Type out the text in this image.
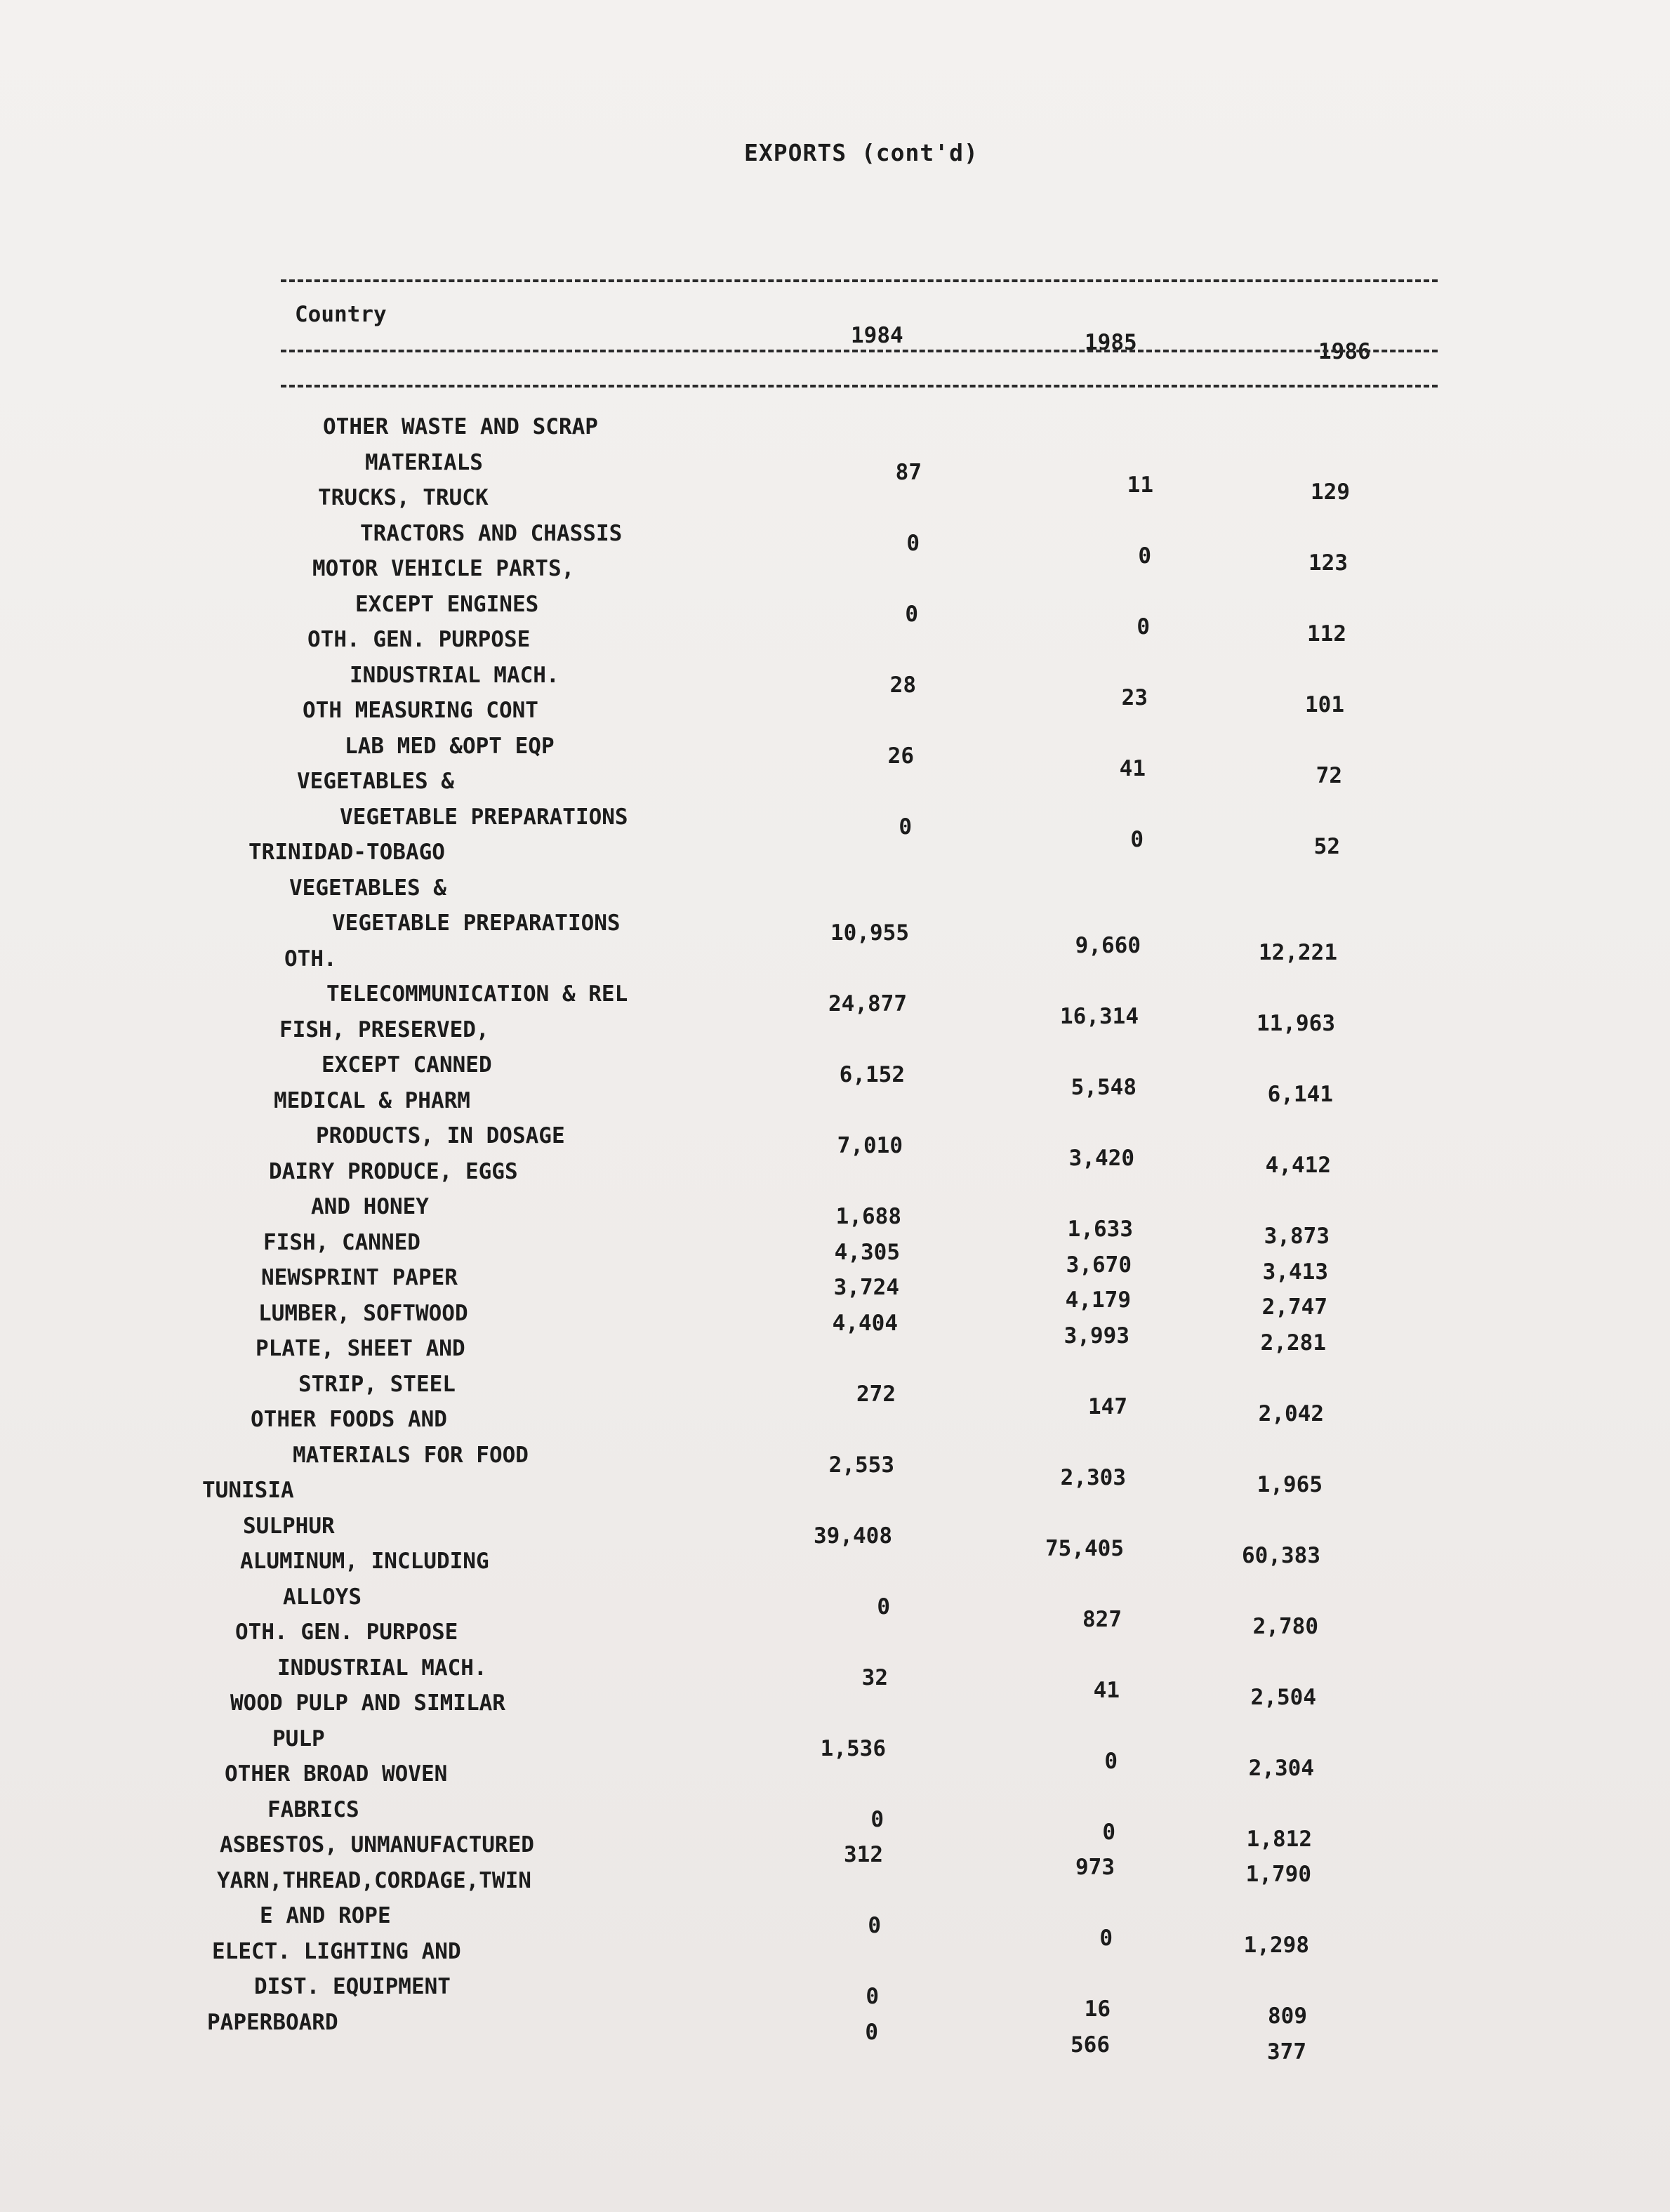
EXPORTS (cont'd)
Country
1984	1985	1986
OTHER WASTE AND SCRAP
MATERIALS	87	11	129
TRUCKS, TRUCK
TRACTORS AND CHASSIS	0	0	123
MOTOR VEHICLE PARTS,
EXCEPT ENGINES	0	0	112
OTH. GEN. PURPOSE
INDUSTRIAL MACH.	28	23	101
OTH MEASURING CONT
LAB MED &OPT EQP	26	41	72
VEGETABLES &
VEGETABLE PREPARATIONS	0	0	52
TRINIDAD-TOBAGO
VEGETABLES &
VEGETABLE PREPARATIONS	10,955	9,660	12,221
OTH.
TELECOMMUNICATION & REL	24,877	16,314	11,963
FISH, PRESERVED,
EXCEPT CANNED	6,152	5,548	6,141
MEDICAL & PHARM
PRODUCTS, IN DOSAGE	7,010	3,420	4,412
DAIRY PRODUCE, EGGS
AND HONEY	1,688	1,633	3,873
FISH, CANNED	4,305	3,670	3,413
NEWSPRINT PAPER	3,724	4,179	2,747
LUMBER, SOFTWOOD	4,404	3,993	2,281
PLATE, SHEET AND
STRIP, STEEL	272	147	2,042
OTHER FOODS AND
MATERIALS FOR FOOD	2,553	2,303	1,965
TUNISIA
SULPHUR	39,408	75,405	60,383
ALUMINUM, INCLUDING
ALLOYS	0	827	2,780
OTH. GEN. PURPOSE
INDUSTRIAL MACH.	32	41	2,504
WOOD PULP AND SIMILAR
PULP	1,536	0	2,304
OTHER BROAD WOVEN
FABRICS	0	0	1,812
ASBESTOS, UNMANUFACTURED	312	973	1,790
YARN,THREAD,CORDAGE,TWIN
E AND ROPE	0	0	1,298
ELECT. LIGHTING AND
DIST. EQUIPMENT	0	16	809
PAPERBOARD	0	566	377
